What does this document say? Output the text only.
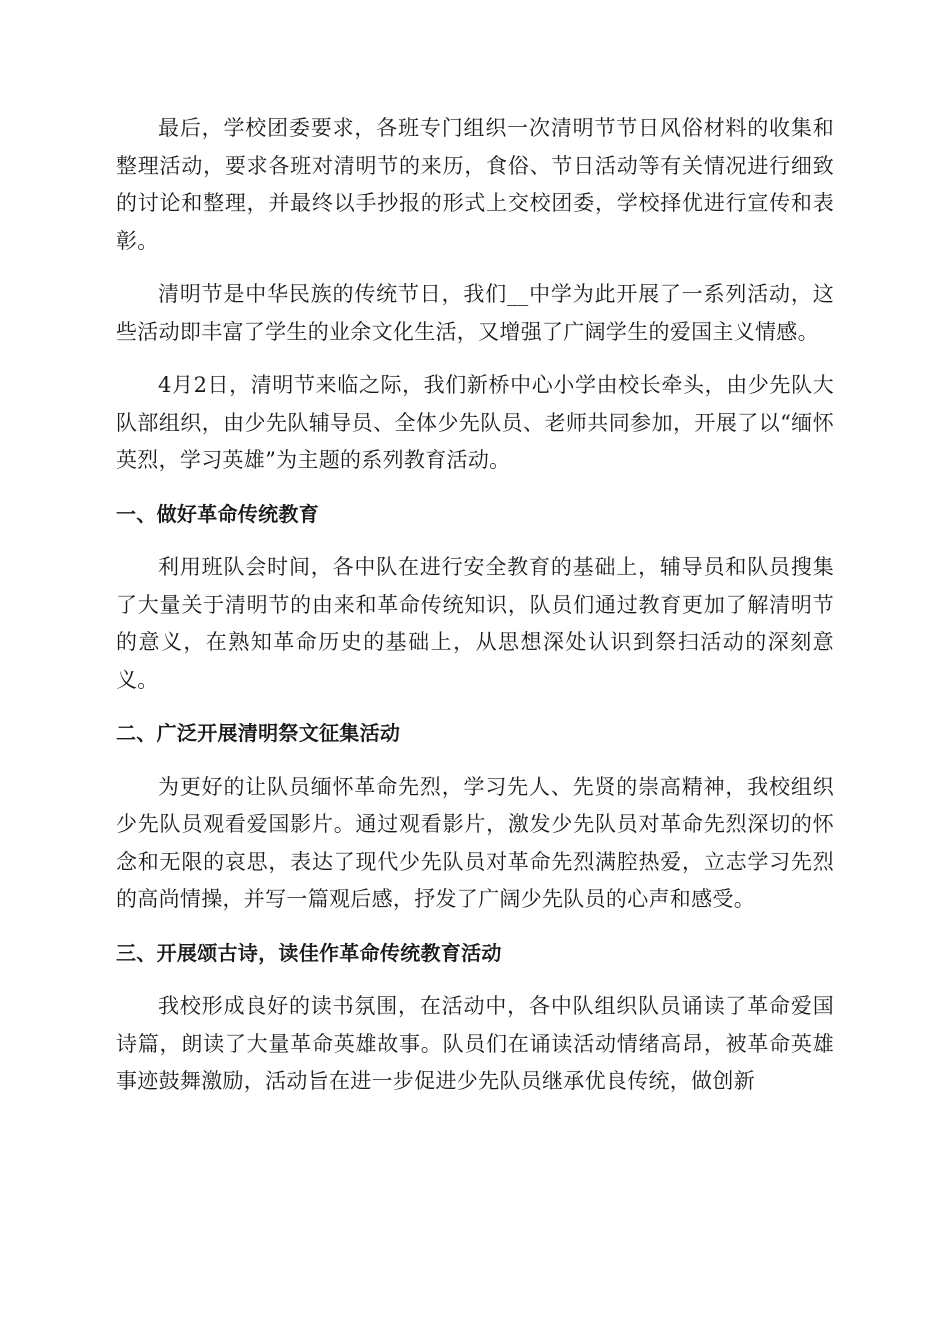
最后，学校团委要求，各班专门组织一次清明节节日风俗材料的收集和整理活动，要求各班对清明节的来历，食俗、节日活动等有关情况进行细致的讨论和整理，并最终以手抄报的形式上交校团委，学校择优进行宣传和表彰。

清明节是中华民族的传统节日，我们__中学为此开展了一系列活动，这些活动即丰富了学生的业余文化生活，又增强了广阔学生的爱国主义情感。

4月2日，清明节来临之际，我们新桥中心小学由校长牵头，由少先队大队部组织，由少先队辅导员、全体少先队员、老师共同参加，开展了以“缅怀英烈，学习英雄”为主题的系列教育活动。

一、做好革命传统教育

利用班队会时间，各中队在进行安全教育的基础上，辅导员和队员搜集了大量关于清明节的由来和革命传统知识，队员们通过教育更加了解清明节的意义，在熟知革命历史的基础上，从思想深处认识到祭扫活动的深刻意义。

二、广泛开展清明祭文征集活动

为更好的让队员缅怀革命先烈，学习先人、先贤的崇高精神，我校组织少先队员观看爱国影片。通过观看影片，激发少先队员对革命先烈深切的怀念和无限的哀思，表达了现代少先队员对革命先烈满腔热爱，立志学习先烈的高尚情操，并写一篇观后感，抒发了广阔少先队员的心声和感受。

三、开展颂古诗，读佳作革命传统教育活动

我校形成良好的读书氛围，在活动中，各中队组织队员诵读了革命爱国诗篇，朗读了大量革命英雄故事。队员们在诵读活动情绪高昂，被革命英雄事迹鼓舞激励，活动旨在进一步促进少先队员继承优良传统，做创新
